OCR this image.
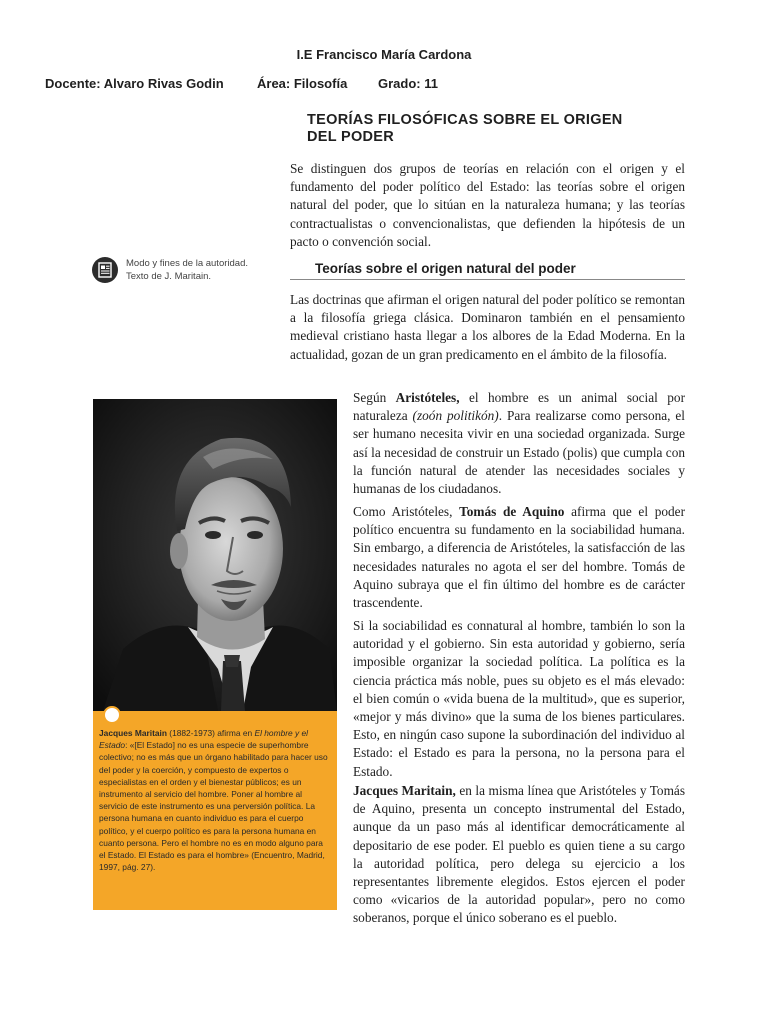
I.E Francisco María Cardona
Docente: Alvaro Rivas Godin	Área: Filosofía Grado: 11
TEORÍAS FILOSÓFICAS SOBRE EL ORIGEN
DEL PODER
Se distinguen dos grupos de teorías en relación con el origen y el fundamento del poder político del Estado: las teorías sobre el origen natural del poder, que lo sitúan en la naturaleza humana; y las teorías contractualistas o convencionalistas, que defienden la hipótesis de un pacto o convención social.
Modo y fines de la autoridad.
Texto de J. Maritain.
Teorías sobre el origen natural del poder
Las doctrinas que afirman el origen natural del poder político se remontan a la filosofía griega clásica. Dominaron también en el pensamiento medieval cristiano hasta llegar a los albores de la Edad Moderna. En la actualidad, gozan de un gran predicamento en el ámbito de la filosofía.
Jacques Maritain (1882-1973) afirma en El hombre y el Estado: «[El Estado] no es una especie de superhombre colectivo; no es más que un órgano habilitado para hacer uso del poder y la coerción, y compuesto de expertos o especialistas en el orden y el bienestar públicos; es un instrumento al servicio del hombre. Poner al hombre al servicio de este instrumento es una perversión política. La persona humana en cuanto individuo es para el cuerpo político, y el cuerpo político es para la persona humana en cuanto persona. Pero el hombre no es en modo alguno para el Estado. El Estado es para el hombre» (Encuentro, Madrid, 1997, pág. 27).
Según Aristóteles, el hombre es un animal social por naturaleza (zoón politikón). Para realizarse como persona, el ser humano necesita vivir en una sociedad organizada. Surge así la necesidad de construir un Estado (polis) que cumpla con la función natural de atender las necesidades sociales y humanas de los ciudadanos.
Como Aristóteles, Tomás de Aquino afirma que el poder político encuentra su fundamento en la sociabilidad humana. Sin embargo, a diferencia de Aristóteles, la satisfacción de las necesidades naturales no agota el ser del hombre. Tomás de Aquino subraya que el fin último del hombre es de carácter trascendente.
Si la sociabilidad es connatural al hombre, también lo son la autoridad y el gobierno. Sin esta autoridad y gobierno, sería imposible organizar la sociedad política. La política es la ciencia práctica más noble, pues su objeto es el más elevado: el bien común o «vida buena de la multitud», que es superior, «mejor y más divino» que la suma de los bienes particulares. Esto, en ningún caso supone la subordinación del individuo al Estado: el Estado es para la persona, no la persona para el Estado.
Jacques Maritain, en la misma línea que Aristóteles y Tomás de Aquino, presenta un concepto instrumental del Estado, aunque da un paso más al identificar democráticamente al depositario de ese poder. El pueblo es quien tiene a su cargo la autoridad política, pero delega su ejercicio a los representantes libremente elegidos. Estos ejercen el poder como «vicarios de la autoridad popular», pero no como soberanos, porque el único soberano es el pueblo.
